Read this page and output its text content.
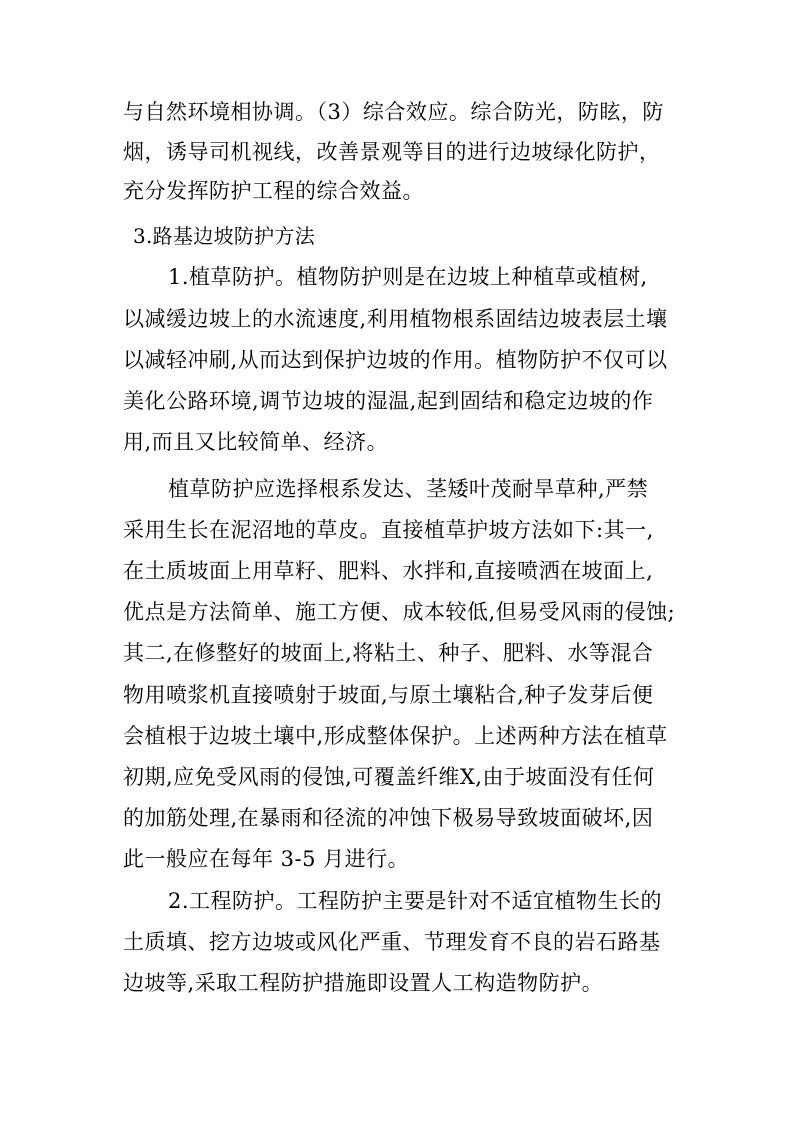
与自然环境相协调。（3）综合效应。综合防光，防眩，防
烟，诱导司机视线，改善景观等目的进行边坡绿化防护，
充分发挥防护工程的综合效益。
3.路基边坡防护方法
1.植草防护。植物防护则是在边坡上种植草或植树,
以减缓边坡上的水流速度,利用植物根系固结边坡表层土壤
以减轻冲刷,从而达到保护边坡的作用。植物防护不仅可以
美化公路环境,调节边坡的湿温,起到固结和稳定边坡的作
用,而且又比较简单、经济。
植草防护应选择根系发达、茎矮叶茂耐旱草种,严禁
采用生长在泥沼地的草皮。直接植草护坡方法如下:其一,
在土质坡面上用草籽、肥料、水拌和,直接喷洒在坡面上,
优点是方法简单、施工方便、成本较低,但易受风雨的侵蚀;
其二,在修整好的坡面上,将粘土、种子、肥料、水等混合
物用喷浆机直接喷射于坡面,与原土壤粘合,种子发芽后便
会植根于边坡土壤中,形成整体保护。上述两种方法在植草
初期,应免受风雨的侵蚀,可覆盖纤维X,由于坡面没有任何
的加筋处理,在暴雨和径流的冲蚀下极易导致坡面破坏,因
此一般应在每年 3-5 月进行。
2.工程防护。工程防护主要是针对不适宜植物生长的
土质填、挖方边坡或风化严重、节理发育不良的岩石路基
边坡等,采取工程防护措施即设置人工构造物防护。
